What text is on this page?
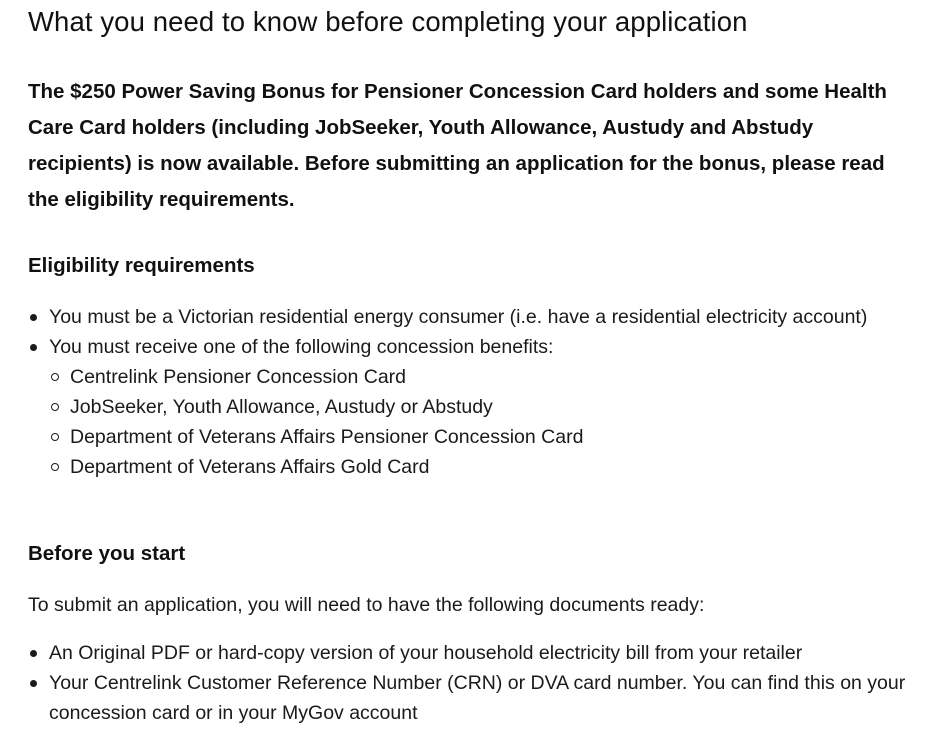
What you need to know before completing your application

The $250 Power Saving Bonus for Pensioner Concession Card holders and some Health Care Card holders (including JobSeeker, Youth Allowance, Austudy and Abstudy recipients) is now available. Before submitting an application for the bonus, please read the eligibility requirements.

Eligibility requirements
You must be a Victorian residential energy consumer (i.e. have a residential electricity account)
You must receive one of the following concession benefits:
Centrelink Pensioner Concession Card
JobSeeker, Youth Allowance, Austudy or Abstudy
Department of Veterans Affairs Pensioner Concession Card
Department of Veterans Affairs Gold Card
Before you start

To submit an application, you will need to have the following documents ready:

An Original PDF or hard-copy version of your household electricity bill from your retailer
Your Centrelink Customer Reference Number (CRN) or DVA card number. You can find this on your concession card or in your MyGov account
